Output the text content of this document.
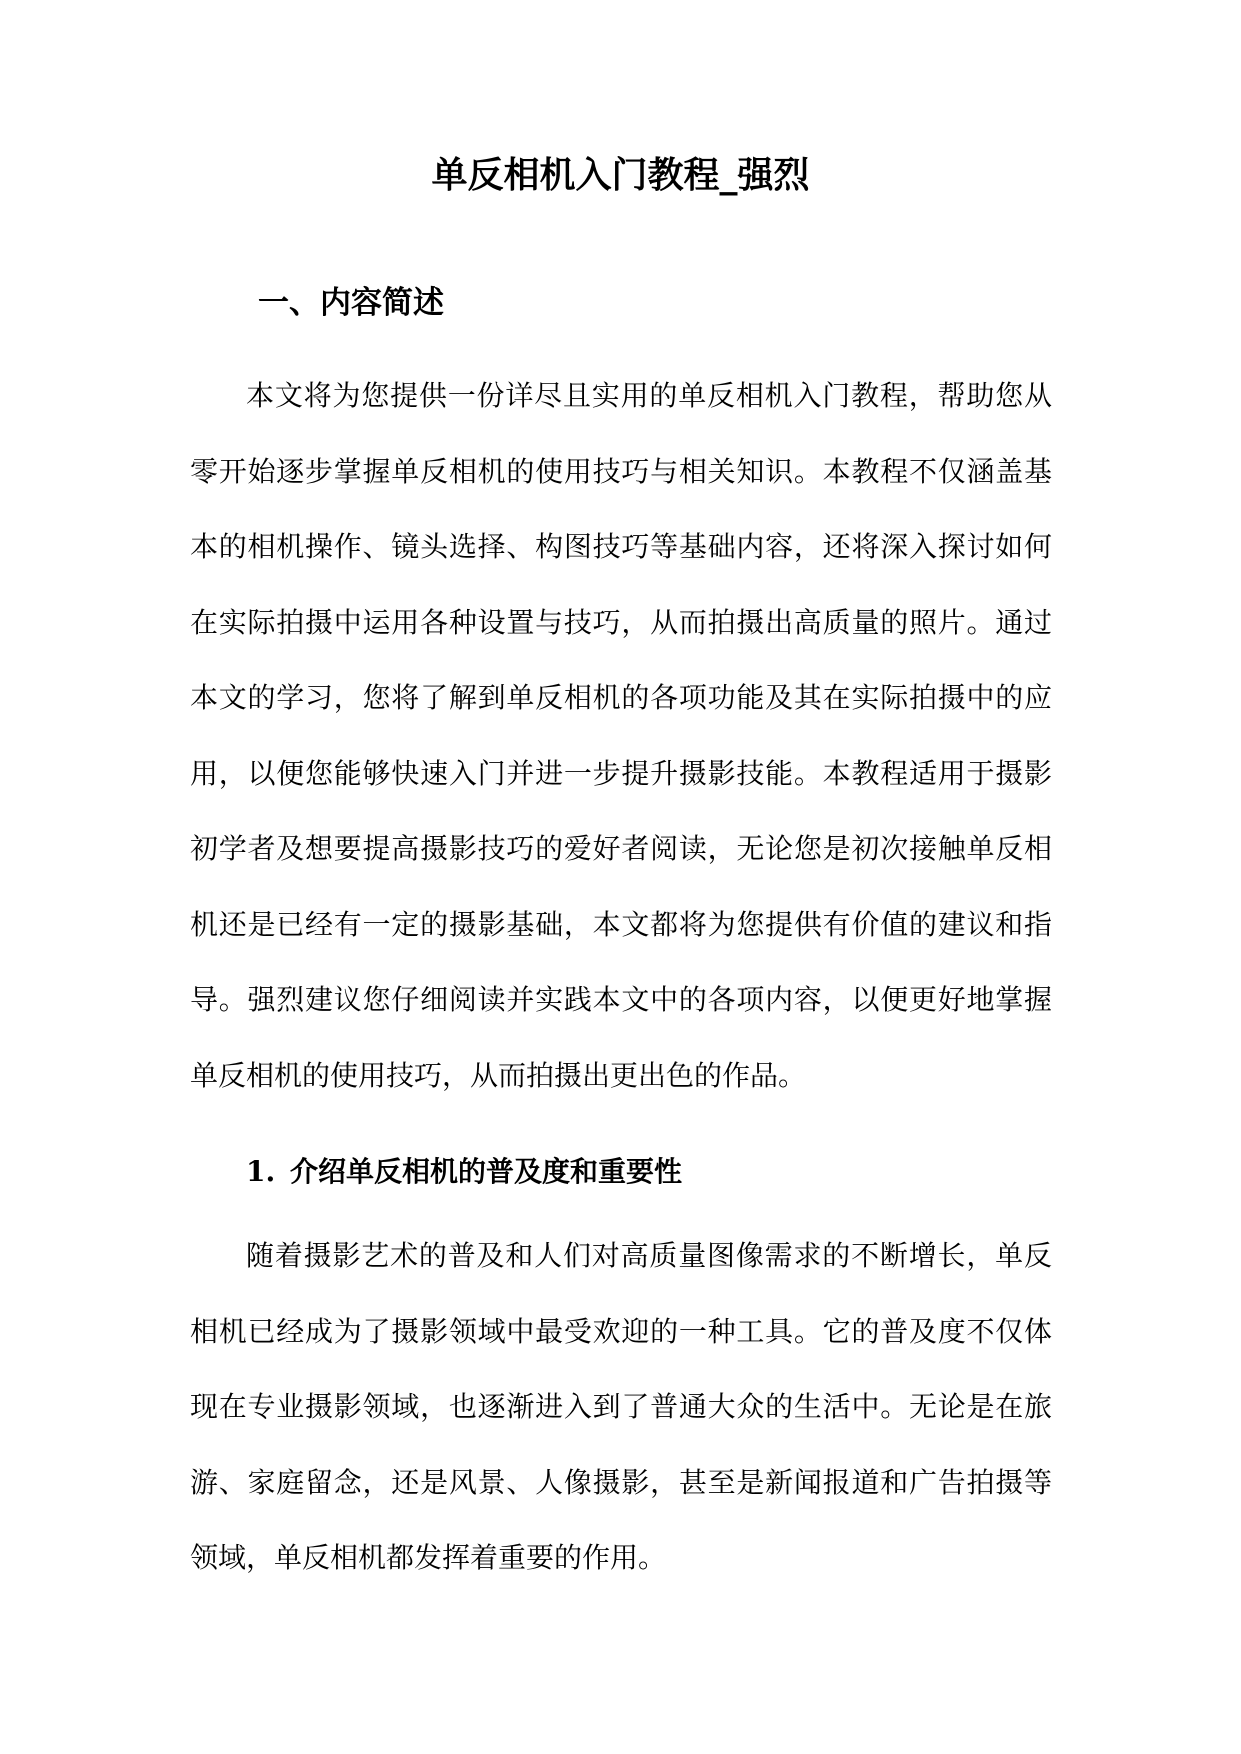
单反相机入门教程_强烈
一、内容简述

本文将为您提供一份详尽且实用的单反相机入门教程，帮助您从零开始逐步掌握单反相机的使用技巧与相关知识。本教程不仅涵盖基本的相机操作、镜头选择、构图技巧等基础内容，还将深入探讨如何在实际拍摄中运用各种设置与技巧，从而拍摄出高质量的照片。通过本文的学习，您将了解到单反相机的各项功能及其在实际拍摄中的应用，以便您能够快速入门并进一步提升摄影技能。本教程适用于摄影初学者及想要提高摄影技巧的爱好者阅读，无论您是初次接触单反相机还是已经有一定的摄影基础，本文都将为您提供有价值的建议和指导。强烈建议您仔细阅读并实践本文中的各项内容，以便更好地掌握单反相机的使用技巧，从而拍摄出更出色的作品。

1. 介绍单反相机的普及度和重要性

随着摄影艺术的普及和人们对高质量图像需求的不断增长，单反相机已经成为了摄影领域中最受欢迎的一种工具。它的普及度不仅体现在专业摄影领域，也逐渐进入到了普通大众的生活中。无论是在旅游、家庭留念，还是风景、人像摄影，甚至是新闻报道和广告拍摄等领域，单反相机都发挥着重要的作用。
